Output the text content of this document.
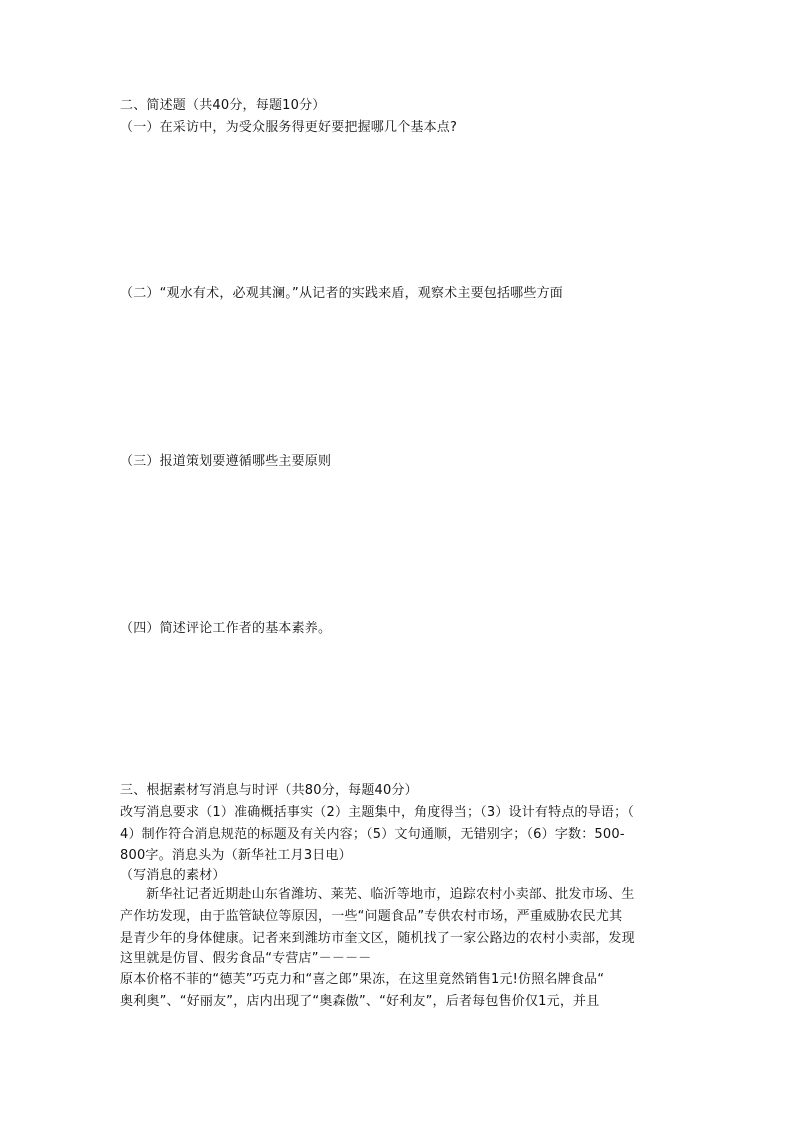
二、简述题（共40分，每题10分）
（一）在采访中，为受众服务得更好要把握哪几个基本点?
（二）“观水有术，必观其澜。”从记者的实践来盾，观察术主要包括哪些方面
（三）报道策划要遵循哪些主要原则
（四）简述评论工作者的基本素养。
三、根据素材写消息与时评（共80分，每题40分）
改写消息要求（1）准确概括事实（2）主题集中，角度得当；（3）设计有特点的导语；（
4）制作符合消息规范的标题及有关内容；（5）文句通顺，无错别字；（6）字数：500-
800字。消息头为（新华社工月3日电）
（写消息的素材）
新华社记者近期赴山东省潍坊、莱芜、临沂等地市，追踪农村小卖部、批发市场、生
产作坊发现，由于监管缺位等原因，一些“问题食品”专供农村市场，严重威胁农民尤其
是青少年的身体健康。记者来到潍坊市奎文区，随机找了一家公路边的农村小卖部，发现
这里就是仿冒、假劣食品“专营店”－－－－
原本价格不菲的“德芙”巧克力和“喜之郎”果冻，在这里竟然销售1元!仿照名牌食品“
奥利奥”、“好丽友”，店内出现了“奥森傲”、“好利友”，后者每包售价仅1元，并且
